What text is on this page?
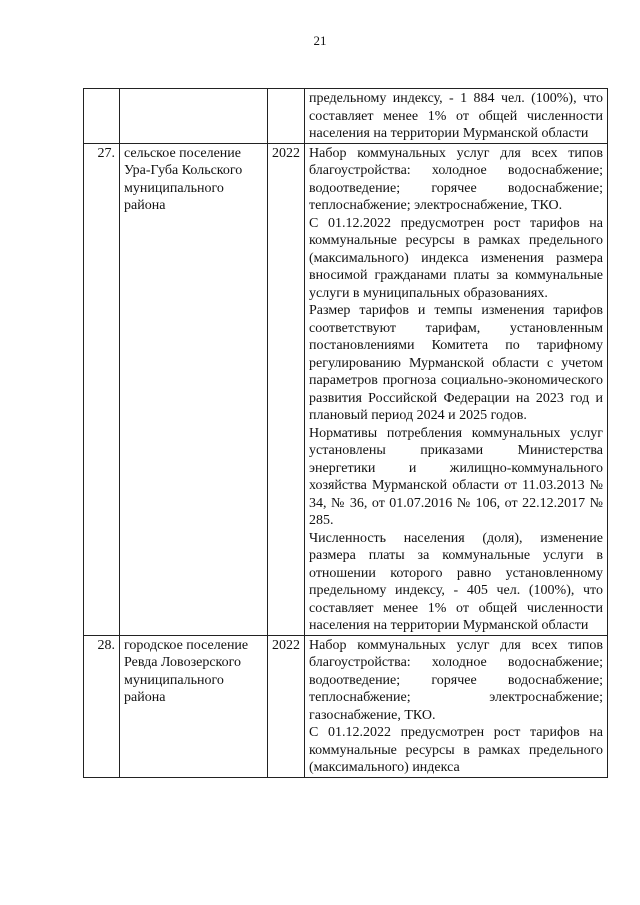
21

			предельному индексу, - 1 884 чел. (100%), что составляет менее 1% от общей численности населения на территории Мурманской области

27.	сельское поселение Ура-Губа Кольского муниципального района	2022	Набор коммунальных услуг для всех типов благоустройства: холодное водоснабжение; водоотведение; горячее водоснабжение; теплоснабжение; электроснабжение, ТКО.

С 01.12.2022 предусмотрен рост тарифов на коммунальные ресурсы в рамках предельного (максимального) индекса изменения размера вносимой гражданами платы за коммунальные услуги в муниципальных образованиях.

Размер тарифов и темпы изменения тарифов соответствуют тарифам, установленным постановлениями Комитета по тарифному регулированию Мурманской области с учетом параметров прогноза социально-экономического развития Российской Федерации на 2023 год и плановый период 2024 и 2025 годов.

Нормативы потребления коммунальных услуг установлены приказами Министерства энергетики и жилищно-коммунального хозяйства Мурманской области от 11.03.2013 № 34, № 36, от 01.07.2016 № 106, от 22.12.2017 № 285.

Численность населения (доля), изменение размера платы за коммунальные услуги в отношении которого равно установленному предельному индексу, - 405 чел. (100%), что составляет менее 1% от общей численности населения на территории Мурманской области

28.	городское поселение Ревда Ловозерского муниципального района	2022	Набор коммунальных услуг для всех типов благоустройства: холодное водоснабжение; водоотведение; горячее водоснабжение; теплоснабжение; электроснабжение; газоснабжение, ТКО.

С 01.12.2022 предусмотрен рост тарифов на коммунальные ресурсы в рамках предельного (максимального) индекса
